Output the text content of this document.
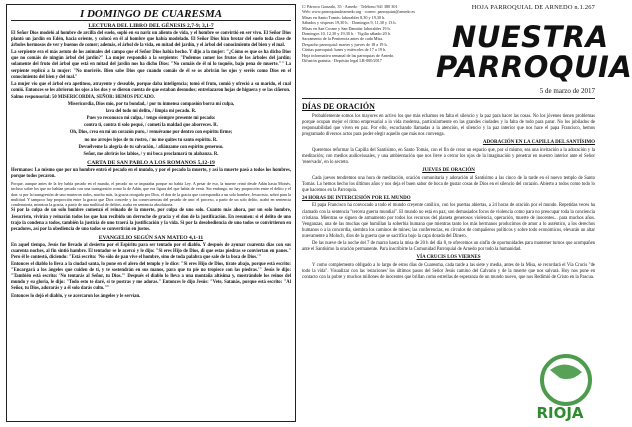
I DOMINGO DE CUARESMA
LECTURA DEL LIBRO DEL GÉNESIS 2,7-9; 3,1-7
El Señor Dios modeló al hombre de arcilla del suelo, sopló en su nariz un aliento de vida, y el hombre se convirtió en ser vivo. El Señor Dios plantó un jardín en Edén, hacia oriente, y colocó en él al hombre que había modelado. El Señor Dios hizo brotar del suelo toda clase de árboles hermosos de ver y buenos de comer; además, el árbol de la vida, en mitad del jardín, y el árbol del conocimiento del bien y el mal.
La serpiente era el más astuto de los animales del campo que el Señor Dios había hecho. Y dijo a la mujer: "¿Cómo es que os ha dicho Dios que no comáis de ningún árbol del jardín?" La mujer respondió a la serpiente: "Podemos comer los frutos de los árboles del jardín; solamente del fruto del árbol que está en mitad del jardín nos ha dicho Dios: "No comáis de él ni lo toquéis, bajo pena de muerte."" La serpiente replicó a la mujer: "No moriréis. Bien sabe Dios que cuando comáis de él se os abrirán los ojos y seréis como Dios en el conocimiento del bien y del mal."
La mujer vio que el árbol era apetitoso, atrayente y deseable, porque daba inteligencia; tomó el fruto, comió y ofreció a su marido, el cual comió. Entonces se les abrieron los ojos a los dos y se dieron cuenta de que estaban desnudos; entrelazaron hojas de higuera y se las ciñeron.
Salmo responsorial: 50 MISERICORDIA, SEÑOR: HEMOS PECADO.
Misericordia, Dios mío, por tu bondad, / por tu inmensa compasión borra mi culpa,
lava del todo mi delito, / limpia mi pecado. R.
Pues yo reconozco mi culpa, / tengo siempre presente mi pecado:
contra ti, contra ti solo pequé, / cometí la maldad que aborreces. R.
Oh, Dios, crea en mí un corazón puro, / renuévame por dentro con espíritu firme;
no me arrojes lejos de tu rostro, / no me quites tu santo espíritu. R.
Devuélveme la alegría de tu salvación, / afiánzame con espíritu generoso.
Señor, me abrirás los labios, / y mi boca proclamará tu alabanza. R.
CARTA DE SAN PABLO A LOS ROMANOS 5,12-19
Hermanos: Lo mismo que por un hombre entró el pecado en el mundo, y por el pecado la muerte, y así la muerte pasó a todos los hombres, porque todos pecaron.
Porque, aunque antes de la ley había pecado en el mundo, el pecado no se imputaba porque no había Ley. A pesar de eso, la muerte reinó desde Adán hasta Moisés, incluso sobre los que no habían pecado con una transgresión como la de Adán, que era figura del que había de venir. Sin embargo, no hay proporción entre el delito y el don: si por la transgresión de uno murieron todos, mucho más, la gracia otorgada por Dios, el don de la gracia que correspondía a un solo hombre, Jesucristo, sobró para la multitud. Y tampoco hay proporción entre la gracia que Dios concede y las consecuencias del pecado de uno: el proceso, a partir de un solo delito, acabó en sentencia condenatoria, mientras la gracia, a partir de una multitud de delitos, acaba en sentencia absolutoria.
Si por la culpa de un solo hombre comenzó el reinado de la muerte, por culpa de uno solo. Cuanto más ahora, por un solo hombre, Jesucristo, vivirán y reinarán todos los que han recibido un derroche de gracia y el don de la justificación. En resumen: si el delito de uno trajo la condena a todos, también la justicia de uno traerá la justificación y la vida. Si por la desobediencia de uno todos se convirtieron en pecadores, así por la obediencia de uno todos se convertirán en justos.
EVANGELIO SEGÚN SAN MATEO 4,1-11
En aquel tiempo, Jesús fue llevado al desierto por el Espíritu para ser tentado por el diablo. Y después de ayunar cuarenta días con sus cuarenta noches, al fin sintió hambre. El tentador se le acercó y le dijo: "Si eres Hijo de Dios, di que estas piedras se conviertan en panes." Pero él le contestó, diciendo: "Está escrito: 'No sólo de pan vive el hombre, sino de toda palabra que sale de la boca de Dios.'"
Entonces el diablo lo lleva a la ciudad santa, lo pone en el alero del templo y le dice: "Si eres Hijo de Dios, tírate abajo, porque está escrito: "Encargará a los ángeles que cuiden de ti, y te sostendrán en sus manos, para que tu pie no tropiece con las piedras.'" Jesús le dijo: "También está escrito: 'No tentarás al Señor, tu Dios.'" Después el diablo lo lleva a una montaña altísima y, mostrándole los reinos del mundo y su gloria, le dijo: "Todo esto te daré, si te postras y me adoras." Entonces le dijo Jesús: "Vete, Satanás, porque está escrito: "Al Señor, tu Dios, adorarás y a él solo darás culto.""
Entonces lo dejó el diablo, y se acercaron los ángeles y le servían.
C/ Párroco Gonzalo, 35 · Arnedo · Teléfono 941 380 301
Web: www.parroquiasdearnedo.org · correo: parroquias@arnedo.es
Misas en Santo Tomás: laborables 8,30 y 19,30 h.
Sábados y vísperas 19,30 h. · Domingos 9, 11,30 y 13 h.
Misas en San Cosme y San Damián: laborables 19 h.
Domingos 10, 12,30 y 19,30 h. · Vigilia sábado 20 h.
Sacramento de la Penitencia antes de cada Misa.
Despacho parroquial: martes y jueves de 18 a 19 h.
Cáritas parroquial: lunes y miércoles de 17 a 19 h.
Hoja informativa semanal de las parroquias de Arnedo.
Difusión gratuita · Depósito legal LR-000/2017
HOJA PARROQUIAL DE ARNEDO n.1.267
NUESTRA
PARROQUIA
5 de marzo de 2017
DÍAS DE ORACIÓN
Probablemente somos los mayores en activo los que más echamos en falta el silencio y la paz para hacer las cosas. No los jóvenes tienen problemas porque ocupan mejor el ritmo empresarial a la vida moderna, particularmente en las grandes ciudades y la falta de todo para parar. No los jubilados de responsabilidad que viven en paz. Por ello, escuchando llamadas a la atención, el silencio y la paz interior que nos hace el papa Francisco, hemos programado diversos actos para poder elegir aquello que más nos convenga.
ADORACIÓN EN LA CAPILLA DEL SANTÍSIMO
Queremos reformar la Capilla del Santísimo, en Santo Tomás, con el fin de crear un espacio que, por sí mismo, sea una invitación a la adoración y la meditación; con medios audiovisuales, y una ambientación que nos lleve a cerrar los ojos de la imaginación y penetrar en nuestro interior ante el Señor 'reservado', en lo secreto.
JUEVES DE ORACIÓN
Cada jueves tendremos una hora de meditación, oración comunitaria y adoración al Santísimo a las cinco de la tarde en el nuevo templo de Santo Tomás. Lo hemos hecho los últimos años y nos deja el buen sabor de boca de gustar cosas de Dios en el silencio del corazón. Abierto a todos como todo lo que hacemos en la Parroquia.
24 HORAS DE INTERCESIÓN POR EL MUNDO
El papa Francisco ha convocado a todo el mundo creyente católico, con los puertas abiertas, a 24 horas de oración por el mundo. Repetidas veces ha clamado con la sentencia "tercera guerra mundial". El mundo no está en paz; son demasiados focos de violencia como para no preocupar toda la conciencia cristiana. Mientras se siguen de armamento por todos los recursos del planeta generosos violencia, operación, muerte de inocentes... para muchos años. Venganzas, una de las muchas que humillan la soberbia humana que mientras tanto los más hermanos producimos de amor a lo auténtico, a los derechos humanos o a la concordia, siembra los caminos de mines; las conferencias, en círculos de compañeros políticos y sobre todo económicos, elevarán un altar nuevamente a Moloch, dios de la guerra que se sacrifica bajo la capa dorada del Dinero.
De las nueve de la noche del 7 de marzo hasta la misa de 20 h del día 8, te ofrecemos un sinfín de oportunidades para mantener turnos que acompañen ante el Santísimo la oración permanente. Para inscribirte la Comunidad Parroquial de Arnedo por todo la humanidad.
VÍA CRUCIS LOS VIERNES
Y como complemento obligado a lo largo de estos días de Cuaresma, cada tarde a las siete y media, antes de la Misa, se recordará el Vía Crucis "de todo la vida". Visualizar con las 'estaciones' los últimos pasos del Señor Jesús camino del Calvario y de la muerte que nos salvará. Hoy nos pone en contacto con la pobre y muchos millones de inocentes que brillan como estrellas de esperanza de un mundo nuevo, que nos Redimió de Cristo en la Pascua.
RIOJA
